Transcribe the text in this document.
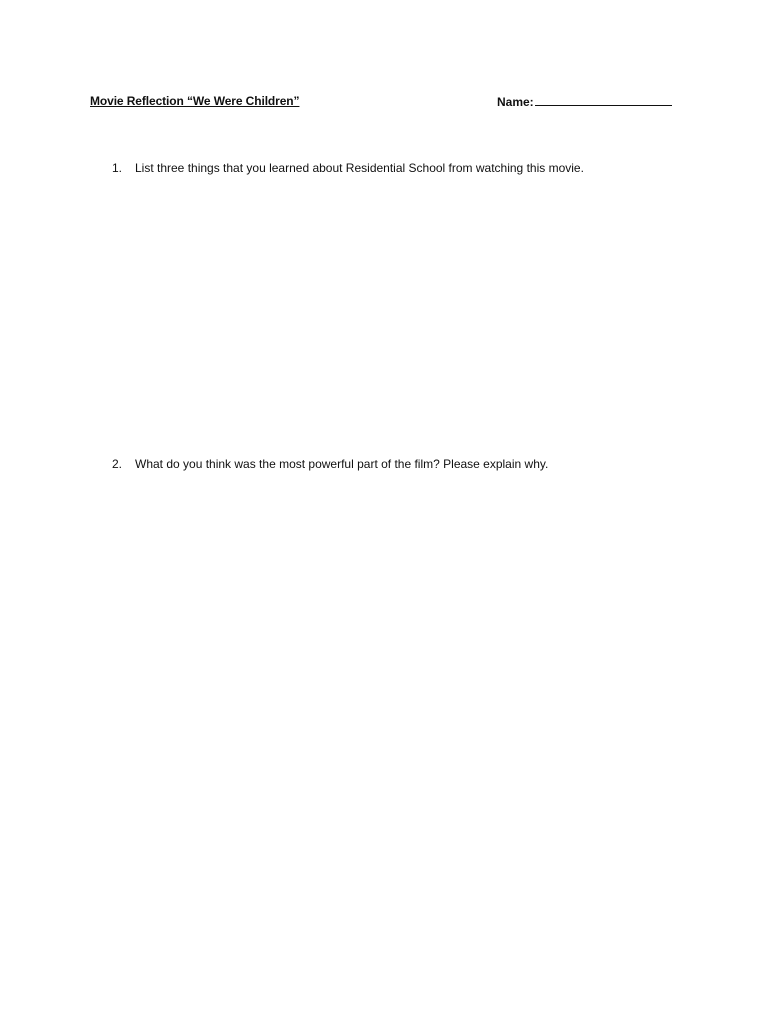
Movie Reflection “We Were Children”	Name:
1. List three things that you learned about Residential School from watching this movie.
2. What do you think was the most powerful part of the film? Please explain why.
